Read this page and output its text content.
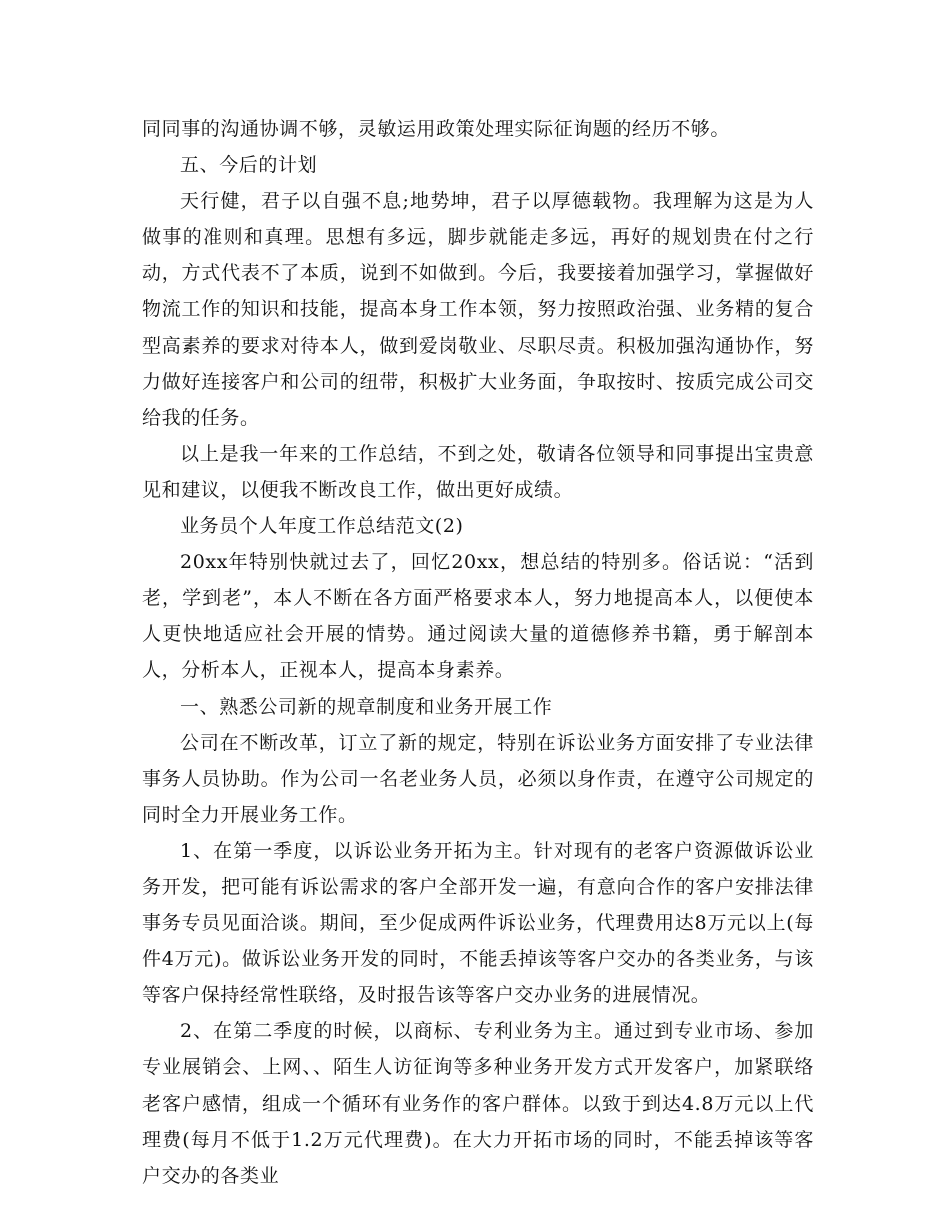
同同事的沟通协调不够，灵敏运用政策处理实际征询题的经历不够。

五、今后的计划

天行健，君子以自强不息;地势坤，君子以厚德载物。我理解为这是为人做事的准则和真理。思想有多远，脚步就能走多远，再好的规划贵在付之行动，方式代表不了本质，说到不如做到。今后，我要接着加强学习，掌握做好物流工作的知识和技能，提高本身工作本领，努力按照政治强、业务精的复合型高素养的要求对待本人，做到爱岗敬业、尽职尽责。积极加强沟通协作，努力做好连接客户和公司的纽带，积极扩大业务面，争取按时、按质完成公司交给我的任务。

以上是我一年来的工作总结，不到之处，敬请各位领导和同事提出宝贵意见和建议，以便我不断改良工作，做出更好成绩。

业务员个人年度工作总结范文(2)

20xx年特别快就过去了，回忆20xx，想总结的特别多。俗话说：“活到老，学到老”，本人不断在各方面严格要求本人，努力地提高本人，以便使本人更快地适应社会开展的情势。通过阅读大量的道德修养书籍，勇于解剖本人，分析本人，正视本人，提高本身素养。

一、熟悉公司新的规章制度和业务开展工作

公司在不断改革，订立了新的规定，特别在诉讼业务方面安排了专业法律事务人员协助。作为公司一名老业务人员，必须以身作责，在遵守公司规定的同时全力开展业务工作。

1、在第一季度，以诉讼业务开拓为主。针对现有的老客户资源做诉讼业务开发，把可能有诉讼需求的客户全部开发一遍，有意向合作的客户安排法律事务专员见面洽谈。期间，至少促成两件诉讼业务，代理费用达8万元以上(每件4万元)。做诉讼业务开发的同时，不能丢掉该等客户交办的各类业务，与该等客户保持经常性联络，及时报告该等客户交办业务的进展情况。

2、在第二季度的时候，以商标、专利业务为主。通过到专业市场、参加专业展销会、上网、、陌生人访征询等多种业务开发方式开发客户，加紧联络老客户感情，组成一个循环有业务作的客户群体。以致于到达4.8万元以上代理费(每月不低于1.2万元代理费)。在大力开拓市场的同时，不能丢掉该等客户交办的各类业
